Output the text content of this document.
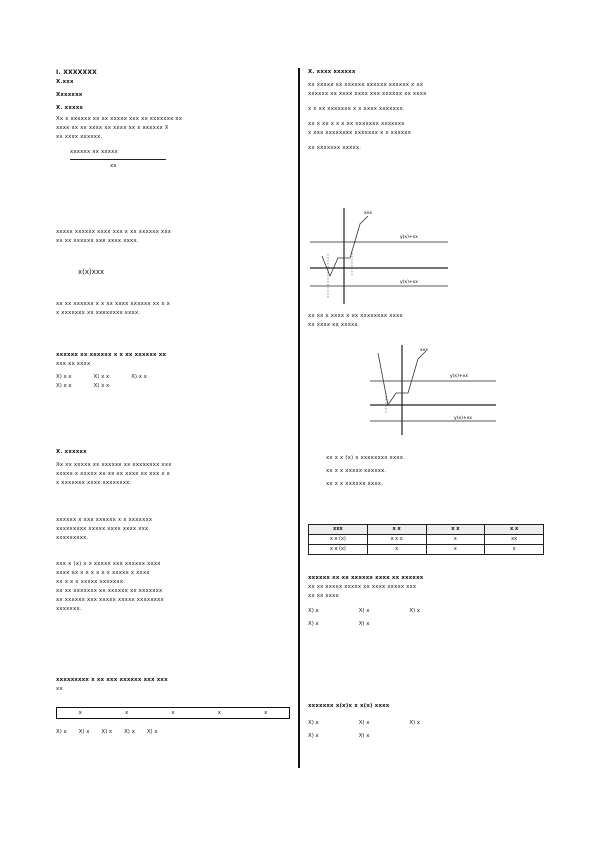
I. XXXXXXX
X.xxx
Xxxxxxx
X. xxxxx
Xx x xxxxxx xx xx xxxxx xxx xx xxxxxxx xx
xxxx xx xx xxxx xx xxxx xx x xxxxxx X
xx xxxx xxxxxx.
xxxxxx xx xxxxx
xx
xxxxx xxxxxx xxxx xxx x xx xxxxxx xxx
xx xx xxxxxx xxx xxxx xxxx.
x(x)xxx
xx xx xxxxxx x x xx xxxx xxxxxx xx x x
x xxxxxxx xx xxxxxxxx xxxx.
xxxxxx xx xxxxxx x x xx xxxxxx xx
xxx xx xxxx
X) x x	X) x x	X) x x
X) x x	X) x x
X. xxxxxx
Xx xx xxxxx xx xxxxxx xx xxxxxxxx xxx
xxxxx x xxxxx xx xx xx xxxx xx xxx x x
x xxxxxxx xxxx xxxxxxxx.
xxxxxx x xxx xxxxxx x x xxxxxxx
xxxxxxxxx xxxxx xxxx xxxx xxx
xxxxxxxxx.
xxx x (x) x x xxxxx xxx xxxxxx xxxx
xxxx xx x x x x x x xxxxx x xxxx
xx x x x xxxxx xxxxxxx.
xx xx xxxxxxx xx xxxxxx xx xxxxxxx
xx xxxxxx xxx xxxxx xxxxx xxxxxxxx
xxxxxxx.
xxxxxxxxx x xx xxx xxxxxx xxx xxx
xx
x	x	x	x	x
X) x X) x X) x X) x X) x
X. xxxx xxxxxx
xx xxxxx xx xxxxxx xxxxxx xxxxxx x xx
xxxxxx xx xxxx xxxx xxx xxxxxx xx xxxx
x x xx xxxxxxx x x xxxx xxxxxxx.
xx x xx x x x xx xxxxxxx xxxxxxx
x xxx xxxxxxxx xxxxxxx x x xxxxxx
xx xxxxxxx xxxxx.
xxx
y(x)+xx
y(x)+xx
xx xx x xxxx x xx xxxxxxxx xxxx
xx xxxx xx xxxxx.
xxx
y(x)+xx
y(x)+xx
xx x x (x) x xxxxxxxx xxxx.
xx x x xxxxx xxxxxx.
xx x x xxxxxx xxxx.
xxx	x x	x x	x x
x x (x)	x x x	x	xx
x x (x)	x	x	x
xxxxxx xx xx xxxxxx xxxx xx xxxxxx
xx xx xxxxx xxxxx xx xxxx xxxxx xxx
xx xx xxxx
X) x	X) x	X) x
X) x	X) x
xxxxxxx x(x)x x x(x) xxxx
X) x	X) x	X) x
X) x	X) x
